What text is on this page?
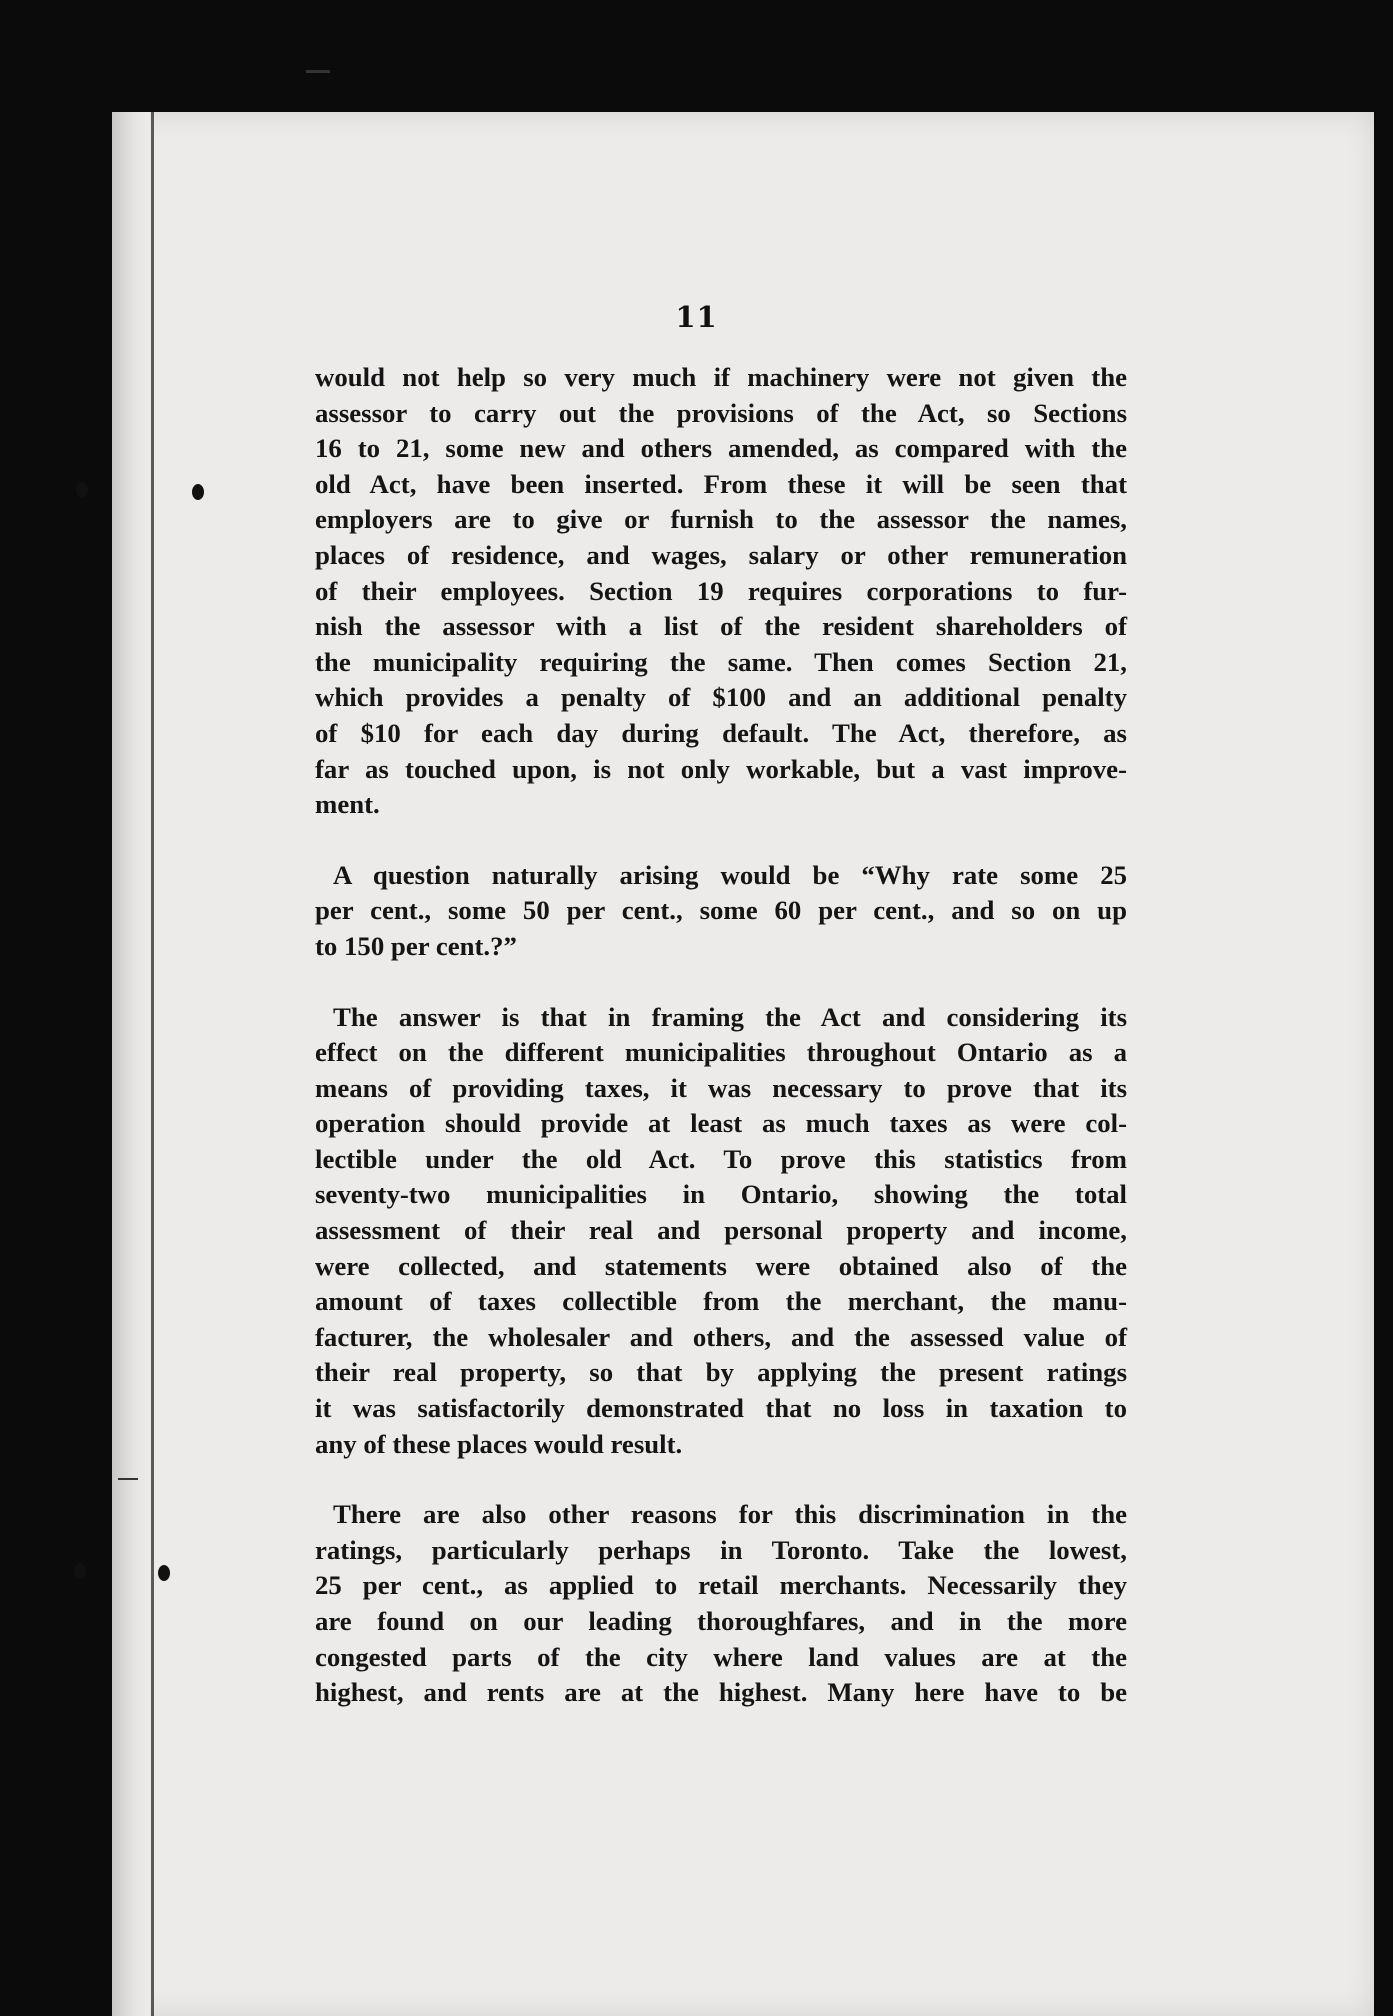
11
would not help so very much if machinery were not given the
assessor to carry out the provisions of the Act, so Sections
16 to 21, some new and others amended, as compared with the
old Act, have been inserted. From these it will be seen that
employers are to give or furnish to the assessor the names,
places of residence, and wages, salary or other remuneration
of their employees. Section 19 requires corporations to fur-
nish the assessor with a list of the resident shareholders of
the municipality requiring the same. Then comes Section 21,
which provides a penalty of $100 and an additional penalty
of $10 for each day during default. The Act, therefore, as
far as touched upon, is not only workable, but a vast improve-
ment.
A question naturally arising would be “Why rate some 25
per cent., some 50 per cent., some 60 per cent., and so on up
to 150 per cent.?”
The answer is that in framing the Act and considering its
effect on the different municipalities throughout Ontario as a
means of providing taxes, it was necessary to prove that its
operation should provide at least as much taxes as were col-
lectible under the old Act. To prove this statistics from
seventy-two municipalities in Ontario, showing the total
assessment of their real and personal property and income,
were collected, and statements were obtained also of the
amount of taxes collectible from the merchant, the manu-
facturer, the wholesaler and others, and the assessed value of
their real property, so that by applying the present ratings
it was satisfactorily demonstrated that no loss in taxation to
any of these places would result.
There are also other reasons for this discrimination in the
ratings, particularly perhaps in Toronto. Take the lowest,
25 per cent., as applied to retail merchants. Necessarily they
are found on our leading thoroughfares, and in the more
congested parts of the city where land values are at the
highest, and rents are at the highest. Many here have to be
